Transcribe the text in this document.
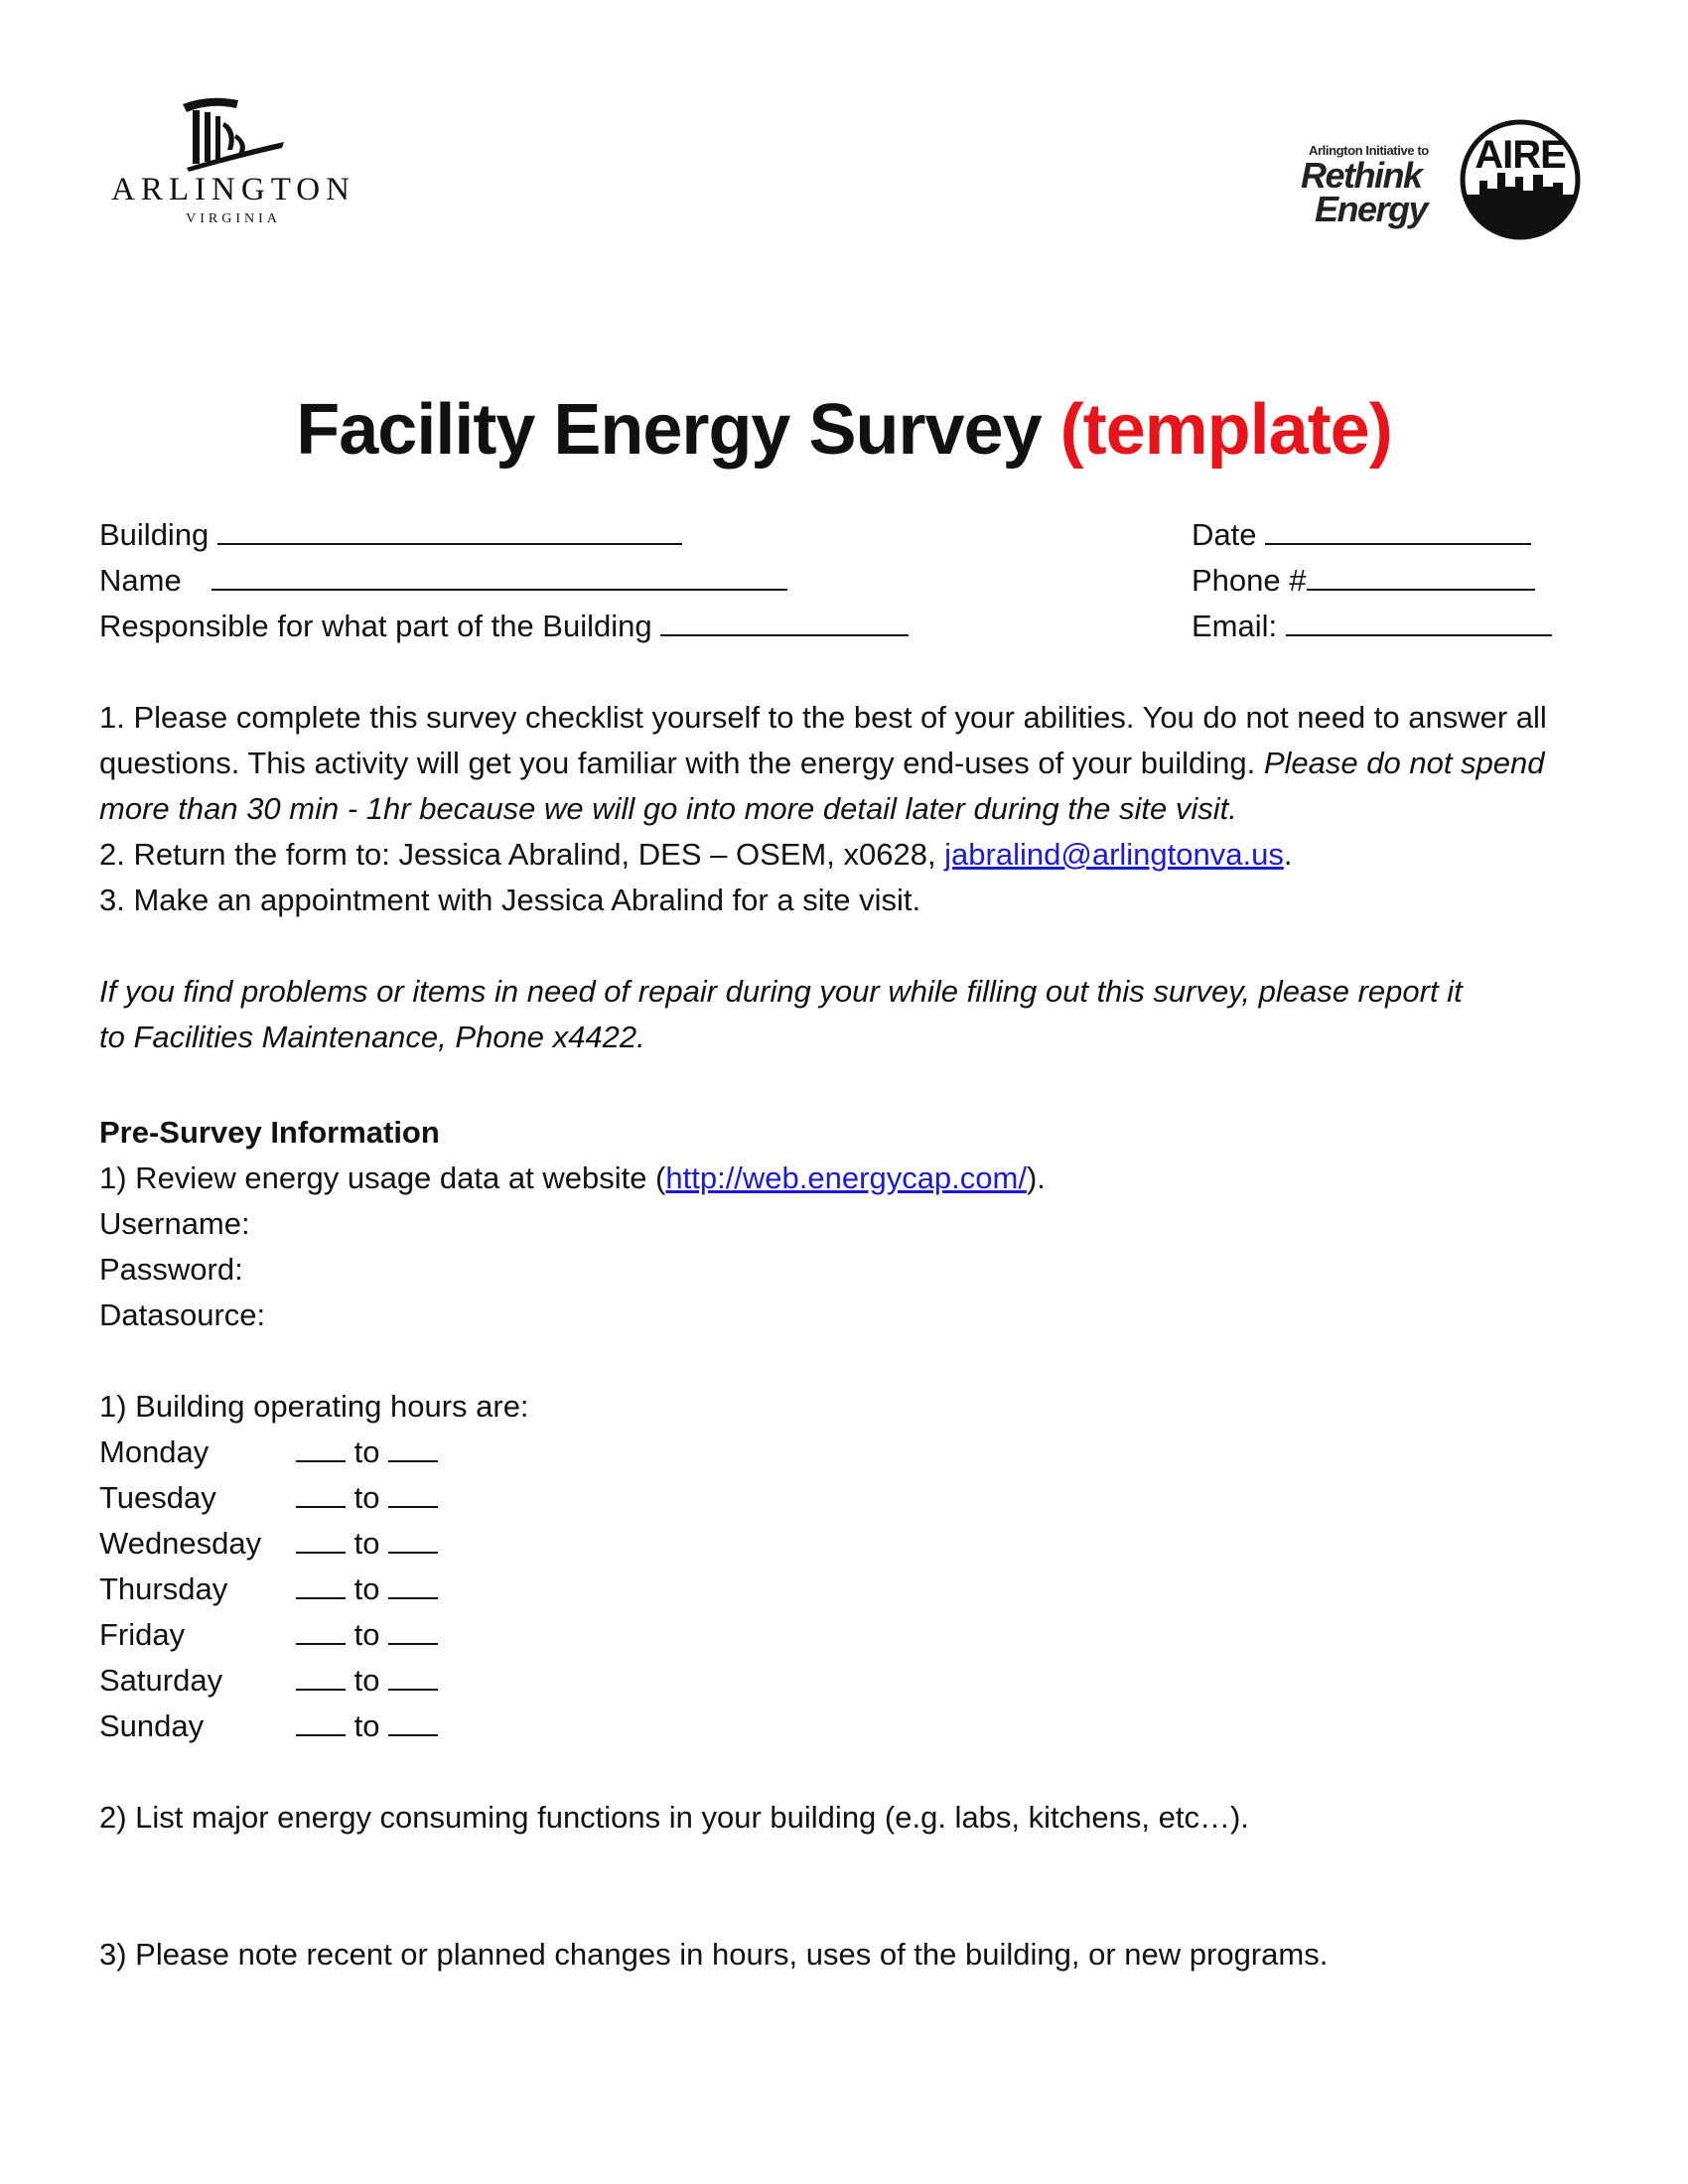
ARLINGTON
VIRGINIA
Arlington Initiative to
Rethink
Energy
AIRE
Facility Energy Survey (template)
Building
Name
Responsible for what part of the Building
Date
Phone #
Email:
1. Please complete this survey checklist yourself to the best of your abilities. You do not need to answer all questions. This activity will get you familiar with the energy end-uses of your building. Please do not spend more than 30 min - 1hr because we will go into more detail later during the site visit.
2. Return the form to: Jessica Abralind, DES – OSEM, x0628, jabralind@arlingtonva.us.
3. Make an appointment with Jessica Abralind for a site visit.
If you find problems or items in need of repair during your while filling out this survey, please report it to Facilities Maintenance, Phone x4422.
Pre-Survey Information
1) Review energy usage data at website (http://web.energycap.com/).
Username:
Password:
Datasource:
1) Building operating hours are:
Monday	to
Tuesday	to
Wednesday	to
Thursday	to
Friday	to
Saturday	to
Sunday	to
2) List major energy consuming functions in your building (e.g. labs, kitchens, etc…).
3) Please note recent or planned changes in hours, uses of the building, or new programs.
